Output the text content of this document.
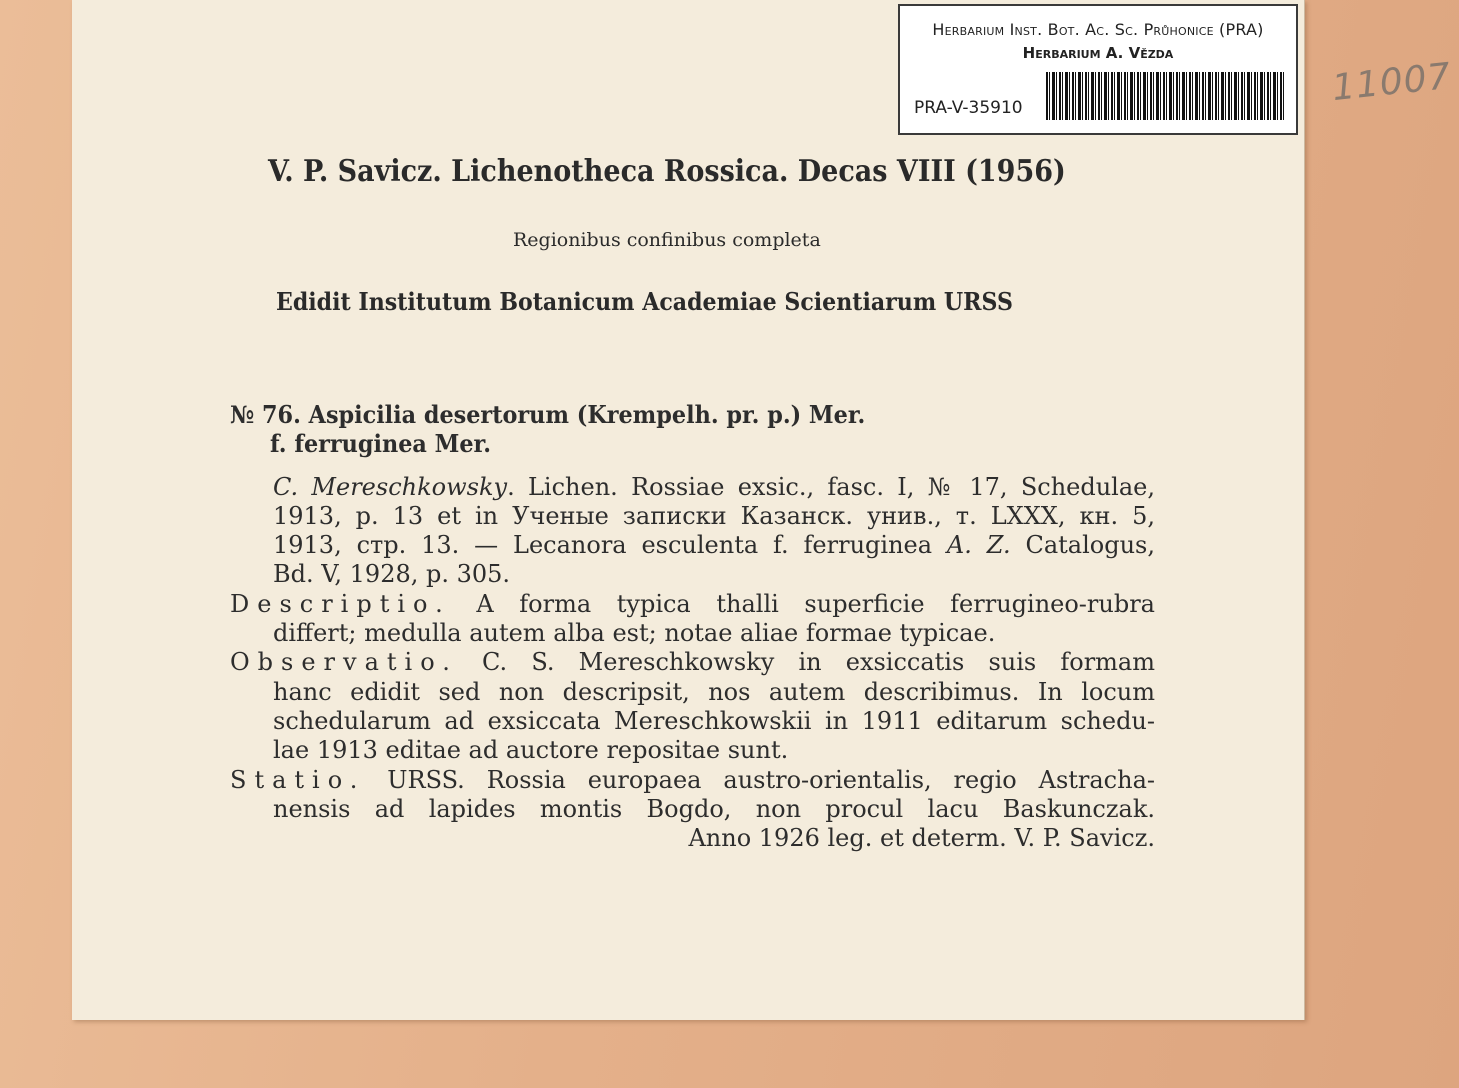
Herbarium Inst. Bot. Ac. Sc. Průhonice (PRA)
Herbarium A. Vězda
PRA-V-35910	11007
V. P. Savicz. Lichenotheca Rossica. Decas VIII (1956)
Regionibus confinibus completa
Edidit Institutum Botanicum Academiae Scientiarum URSS
№ 76. Aspicilia desertorum (Krempelh. pr. p.) Mer.
f. ferruginea Mer.
C. Mereschkowsky. Lichen. Rossiae exsic., fasc. I, № 17, Schedulae,
1913, p. 13 et in Ученые записки Казанск. унив., т. LXXX, кн. 5,
1913, стр. 13. — Lecanora esculenta f. ferruginea A. Z. Catalogus,
Bd. V, 1928, p. 305.
Descriptio. A forma typica thalli superficie ferrugineo-rubra
differt; medulla autem alba est; notae aliae formae typicae.
Observatio. C. S. Mereschkowsky in exsiccatis suis formam
hanc edidit sed non descripsit, nos autem describimus. In locum
schedularum ad exsiccata Mereschkowskii in 1911 editarum schedu-
lae 1913 editae ad auctore repositae sunt.
Statio. URSS. Rossia europaea austro-orientalis, regio Astracha-
nensis ad lapides montis Bogdo, non procul lacu Baskunczak.
Anno 1926 leg. et determ. V. P. Savicz.
